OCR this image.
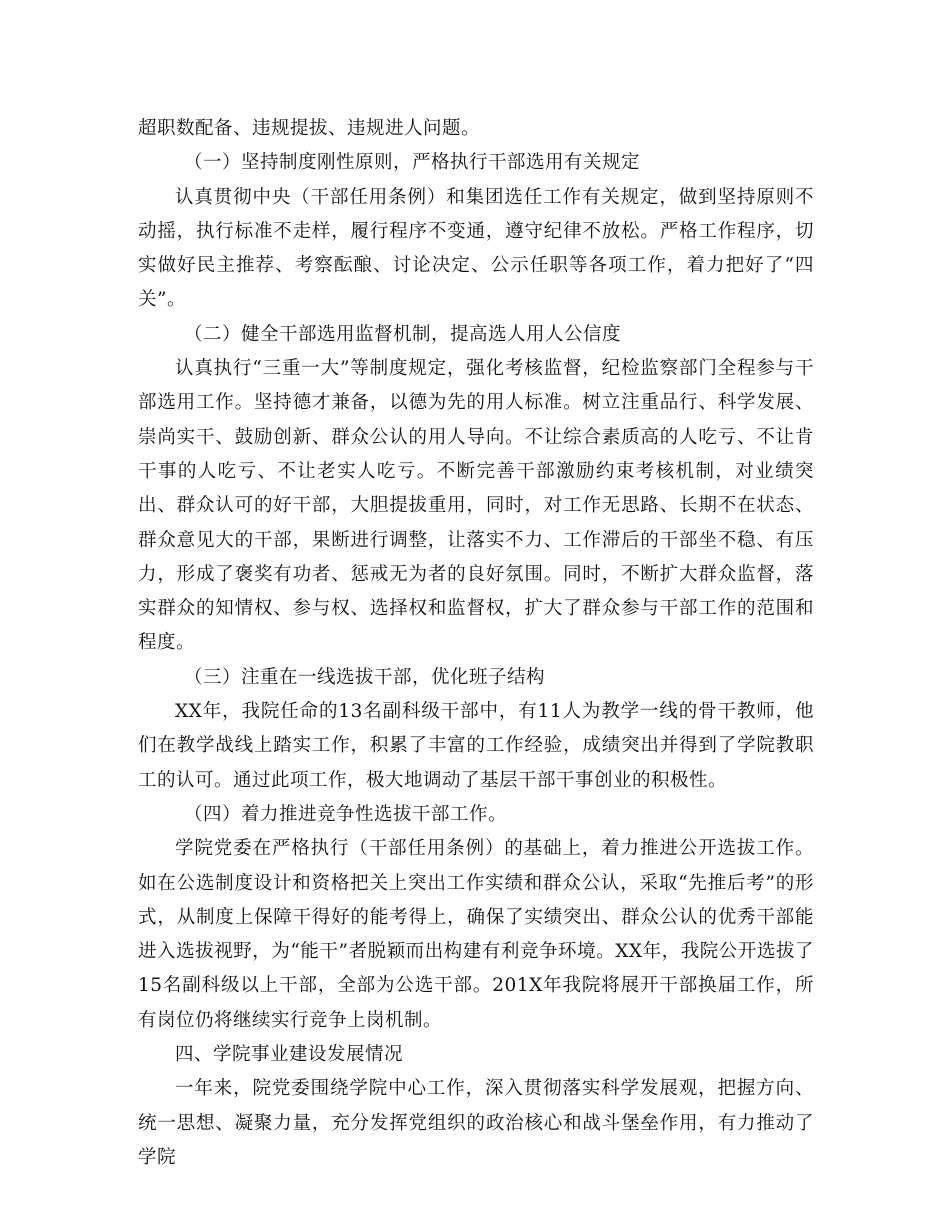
超职数配备、违规提拔、违规进人问题。

（一）坚持制度刚性原则，严格执行干部选用有关规定

认真贯彻中央（干部任用条例）和集团选任工作有关规定，做到坚持原则不动摇，执行标准不走样，履行程序不变通，遵守纪律不放松。严格工作程序，切实做好民主推荐、考察酝酿、讨论决定、公示任职等各项工作，着力把好了“四关”。

（二）健全干部选用监督机制，提高选人用人公信度

认真执行“三重一大”等制度规定，强化考核监督，纪检监察部门全程参与干部选用工作。坚持德才兼备，以德为先的用人标准。树立注重品行、科学发展、崇尚实干、鼓励创新、群众公认的用人导向。不让综合素质高的人吃亏、不让肯干事的人吃亏、不让老实人吃亏。不断完善干部激励约束考核机制，对业绩突出、群众认可的好干部，大胆提拔重用，同时，对工作无思路、长期不在状态、群众意见大的干部，果断进行调整，让落实不力、工作滞后的干部坐不稳、有压力，形成了褒奖有功者、惩戒无为者的良好氛围。同时，不断扩大群众监督，落实群众的知情权、参与权、选择权和监督权，扩大了群众参与干部工作的范围和程度。

（三）注重在一线选拔干部，优化班子结构

XX年，我院任命的13名副科级干部中，有11人为教学一线的骨干教师，他们在教学战线上踏实工作，积累了丰富的工作经验，成绩突出并得到了学院教职工的认可。通过此项工作，极大地调动了基层干部干事创业的积极性。

（四）着力推进竞争性选拔干部工作。

学院党委在严格执行（干部任用条例）的基础上，着力推进公开选拔工作。如在公选制度设计和资格把关上突出工作实绩和群众公认，采取“先推后考”的形式，从制度上保障干得好的能考得上，确保了实绩突出、群众公认的优秀干部能进入选拔视野，为“能干”者脱颖而出构建有利竞争环境。XX年，我院公开选拔了15名副科级以上干部，全部为公选干部。201X年我院将展开干部换届工作，所有岗位仍将继续实行竞争上岗机制。

四、学院事业建设发展情况

一年来，院党委围绕学院中心工作，深入贯彻落实科学发展观，把握方向、统一思想、凝聚力量，充分发挥党组织的政治核心和战斗堡垒作用，有力推动了学院
